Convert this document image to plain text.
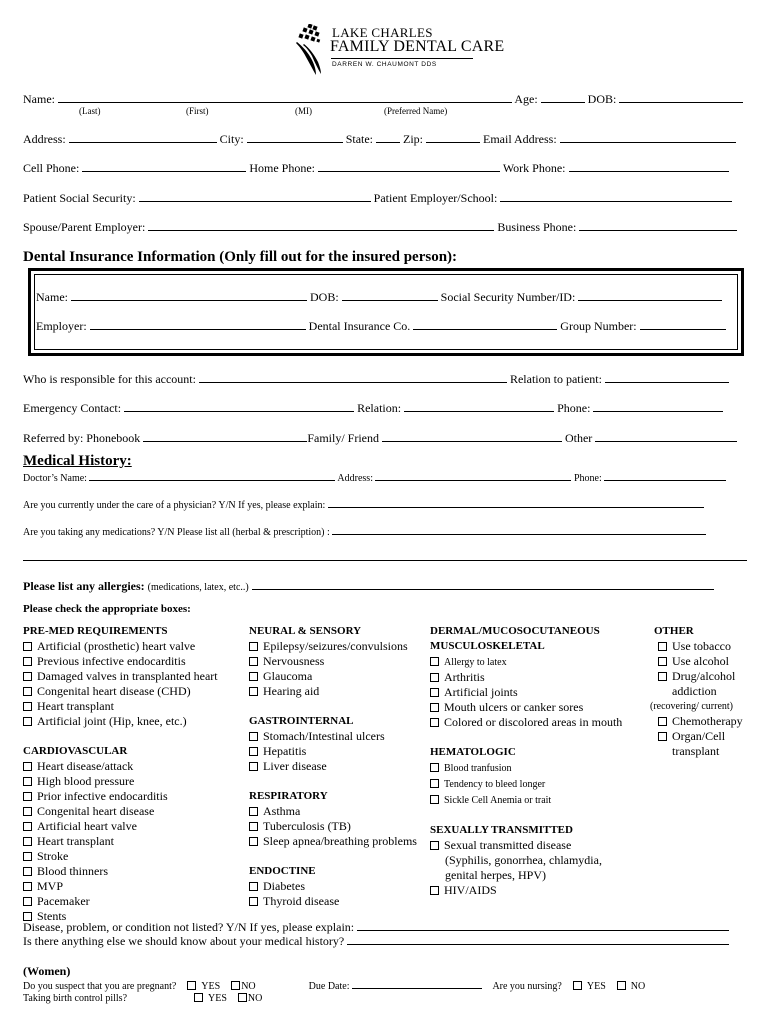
LAKE CHARLES
FAMILY DENTAL CARE
DARREN W. CHAUMONT DDS
Name:	Age:	DOB:
(Last)	(First)	(MI)	(Preferred Name)
Address:	City:	State:	Zip:	Email Address:
Cell Phone:	Home Phone:	Work Phone:
Patient Social Security:	Patient Employer/School:
Spouse/Parent Employer:	Business Phone:
Dental Insurance Information (Only fill out for the insured person):
Name:	DOB:	Social Security Number/ID:
Employer:	Dental Insurance Co.	Group Number:
Who is responsible for this account:	Relation to patient:
Emergency Contact:	Relation:	Phone:
Referred by: Phonebook	Family/ Friend	Other
Medical History:
Doctor’s Name:	Address:	Phone:
Are you currently under the care of a physician? Y/N If yes, please explain:
Are you taking any medications? Y/N Please list all (herbal & prescription) :
Please list any allergies: (medications, latex, etc..)
Please check the appropriate boxes:
PRE-MED REQUIREMENTS
Artificial (prosthetic) heart valve
Previous infective endocarditis
Damaged valves in transplanted heart
Congenital heart disease (CHD)
Heart transplant
Artificial joint (Hip, knee, etc.)
CARDIOVASCULAR
Heart disease/attack
High blood pressure
Prior infective endocarditis
Congenital heart disease
Artificial heart valve
Heart transplant
Stroke
Blood thinners
MVP
Pacemaker
Stents
NEURAL & SENSORY
Epilepsy/seizures/convulsions
Nervousness
Glaucoma
Hearing aid
GASTROINTERNAL
Stomach/Intestinal ulcers
Hepatitis
Liver disease
RESPIRATORY
Asthma
Tuberculosis (TB)
Sleep apnea/breathing problems
ENDOCTINE
Diabetes
Thyroid disease
DERMAL/MUCOSOCUTANEOUS
MUSCULOSKELETAL
Allergy to latex
Arthritis
Artificial joints
Mouth ulcers or canker sores
Colored or discolored areas in mouth
HEMATOLOGIC
Blood tranfusion
Tendency to bleed longer
Sickle Cell Anemia or trait
SEXUALLY TRANSMITTED
Sexual transmitted disease
(Syphilis, gonorrhea, chlamydia,
genital herpes, HPV)
HIV/AIDS
OTHER
Use tobacco
Use alcohol
Drug/alcohol
addiction
(recovering/ current)
Chemotherapy
Organ/Cell
transplant
Disease, problem, or condition not listed? Y/N If yes, please explain:
Is there anything else we should know about your medical history?
(Women)
Do you suspect that you are pregnant?	YES NO	Due Date:	Are you nursing?	YES	NO
Taking birth control pills?	YES NO
